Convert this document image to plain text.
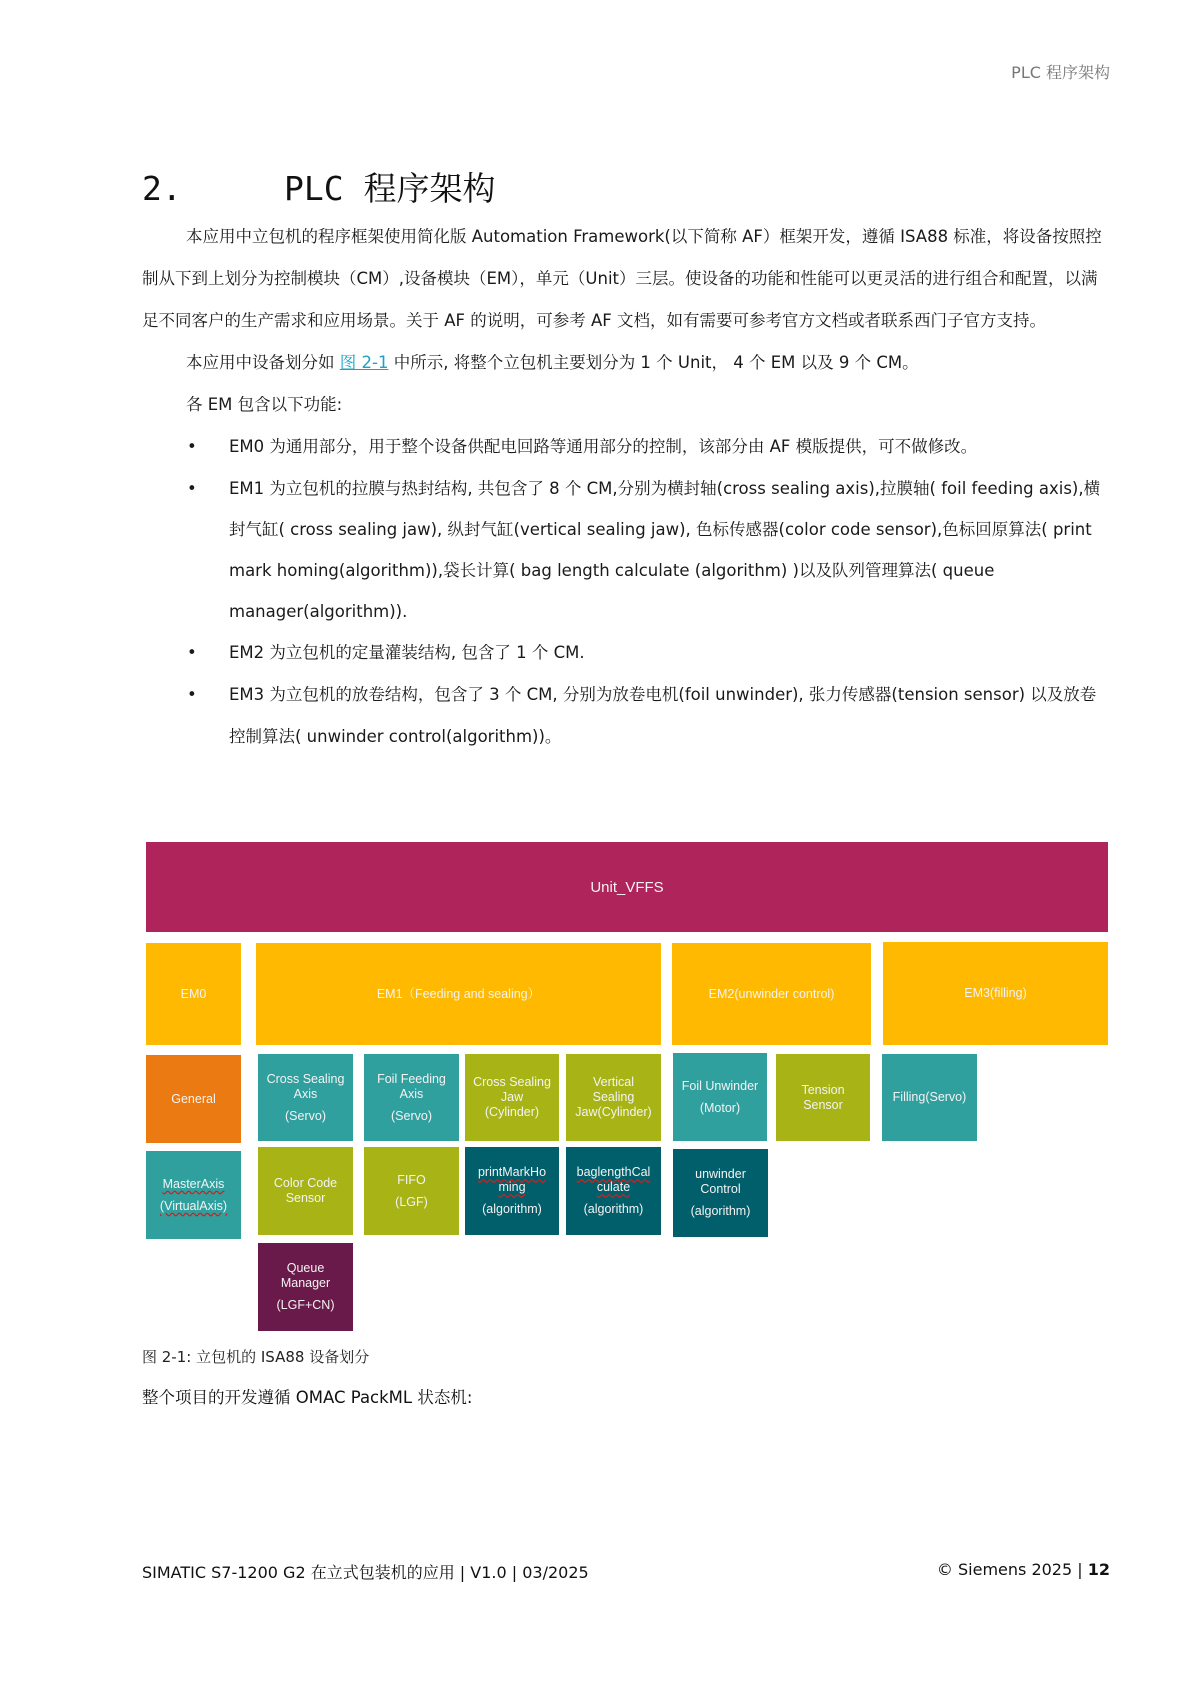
PLC 程序架构
2.	PLC 程序架构

本应用中立包机的程序框架使用简化版 Automation Framework(以下简称 AF）框架开发，遵循 ISA88 标准，将设备按照控制从下到上划分为控制模块（CM）,设备模块（EM），单元（Unit）三层。使设备的功能和性能可以更灵活的进行组合和配置，以满足不同客户的生产需求和应用场景。关于 AF 的说明，可参考 AF 文档，如有需要可参考官方文档或者联系西门子官方支持。

本应用中设备划分如 图 2-1 中所示, 将整个立包机主要划分为 1 个 Unit， 4 个 EM 以及 9 个 CM。

各 EM 包含以下功能:

• EM0 为通用部分，用于整个设备供配电回路等通用部分的控制，该部分由 AF 模版提供，可不做修改。
• EM1 为立包机的拉膜与热封结构, 共包含了 8 个 CM,分别为横封轴(cross sealing axis),拉膜轴( foil feeding axis),横封气缸( cross sealing jaw), 纵封气缸(vertical sealing jaw), 色标传感器(color code sensor),色标回原算法( print mark homing(algorithm)),袋长计算( bag length calculate (algorithm) )以及队列管理算法( queue manager(algorithm)).
• EM2 为立包机的定量灌装结构, 包含了 1 个 CM.
• EM3 为立包机的放卷结构，包含了 3 个 CM, 分别为放卷电机(foil unwinder), 张力传感器(tension sensor) 以及放卷控制算法( unwinder control(algorithm))。
Unit_VFFS
EM0	EM1（Feeding and sealing）	EM2(unwinder control)	EM3(filling)
General
Cross Sealing
Axis
(Servo)
Foil Feeding
Axis
(Servo)
Cross Sealing
Jaw
(Cylinder)
Vertical
Sealing
Jaw(Cylinder)
Foil Unwinder
(Motor)
Tension
Sensor
Filling(Servo)
MasterAxis
(VirtualAxis)
Color Code
Sensor
FIFO
(LGF)
printMarkHo
ming
(algorithm)
baglengthCal
culate
(algorithm)
unwinder
Control
(algorithm)
Queue
Manager
(LGF+CN)
图 2-1: 立包机的 ISA88 设备划分
整个项目的开发遵循 OMAC PackML 状态机:
SIMATIC S7-1200 G2 在立式包装机的应用 | V1.0 | 03/2025	© Siemens 2025 | 12
